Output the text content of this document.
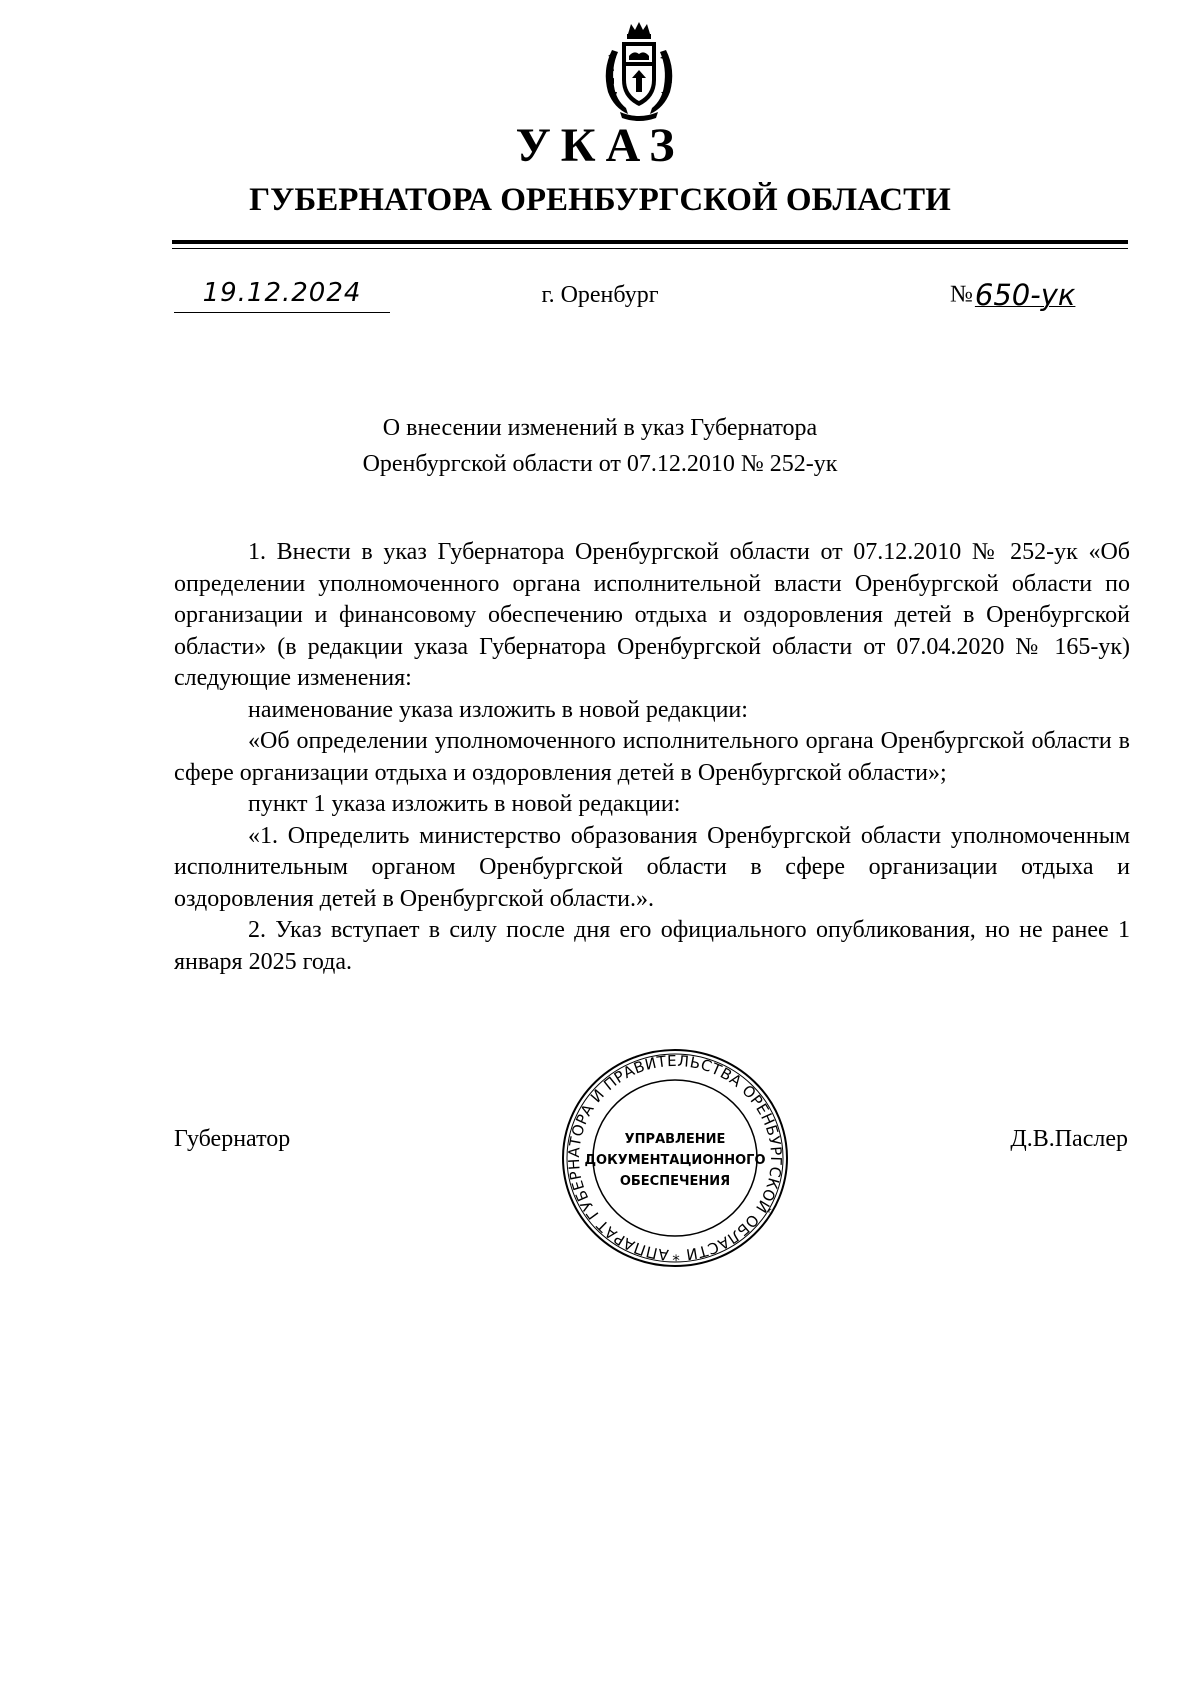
УКАЗ
ГУБЕРНАТОРА ОРЕНБУРГСКОЙ ОБЛАСТИ
19.12.2024	г. Оренбург	№650-ук
О внесении изменений в указ Губернатора
Оренбургской области от 07.12.2010 № 252-ук

1. Внести в указ Губернатора Оренбургской области от 07.12.2010 № 252-ук «Об определении уполномоченного органа исполнительной власти Оренбургской области по организации и финансовому обеспечению отдыха и оздоровления детей в Оренбургской области» (в редакции указа Губернатора Оренбургской области от 07.04.2020 № 165-ук) следующие изменения:

наименование указа изложить в новой редакции:

«Об определении уполномоченного исполнительного органа Оренбургской области в сфере организации отдыха и оздоровления детей в Оренбургской области»;

пункт 1 указа изложить в новой редакции:

«1. Определить министерство образования Оренбургской области уполномоченным исполнительным органом Оренбургской области в сфере организации отдыха и оздоровления детей в Оренбургской области.».

2. Указ вступает в силу после дня его официального опубликования, но не ранее 1 января 2025 года.

Губернатор	Д.В.Паслер
АППАРАТ ГУБЕРНАТОРА И ПРАВИТЕЛЬСТВА ОРЕНБУРГСКОЙ ОБЛАСТИ *
УПРАВЛЕНИЕ
ДОКУМЕНТАЦИОННОГО
ОБЕСПЕЧЕНИЯ
